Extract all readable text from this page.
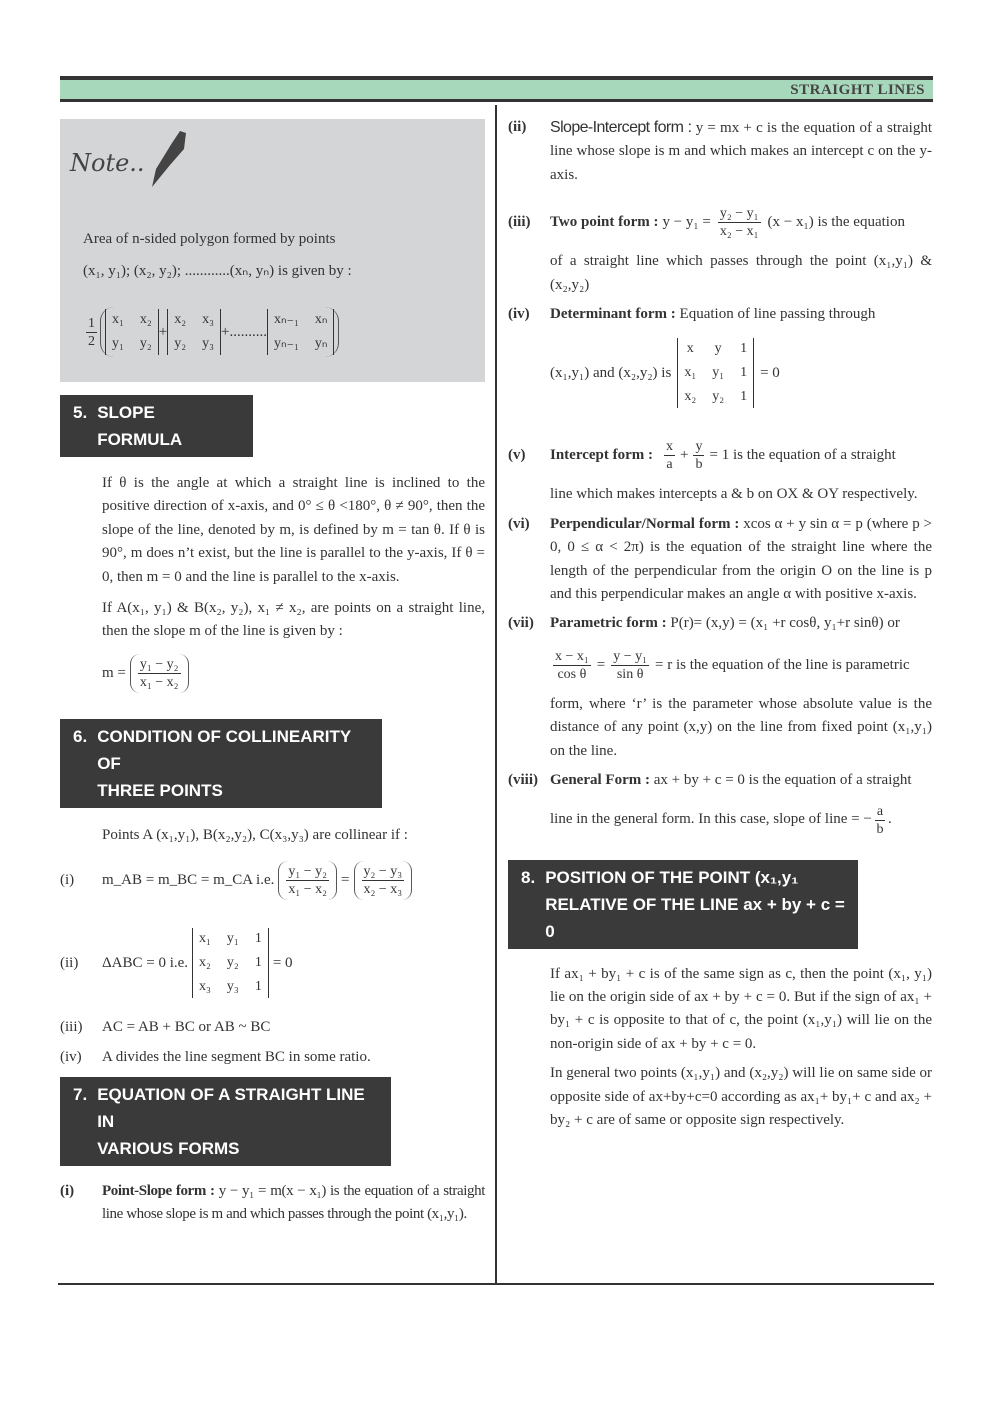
STRAIGHT LINES
Note..
Area of n-sided polygon formed by points
(x₁, y₁); (x₂, y₂); ............(xₙ, yₙ) is given by :
$\frac{1}{2} x_1$ x₂
y₁ y₂
+
x₂ x₃
y₂ y₃
+..........
xₙ₋₁ xₙ
yₙ₋₁ yₙ
5. SLOPE FORMULA

If θ is the angle at which a straight line is inclined to the positive direction of x-axis, and 0° ≤ θ <180°, θ ≠ 90°, then the slope of the line, denoted by m, is defined by m = tan θ. If θ is 90°, m does n’t exist, but the line is parallel to the y-axis, If θ = 0, then m = 0 and the line is parallel to the x-axis.

If A(x₁, y₁) & B(x₂, y₂), x₁ ≠ x₂, are points on a straight line, then the slope m of the line is given by :

$m = \frac{\text{y₁ − y₂}}{\text{x₁ − x₂}}$
6. CONDITION OF COLLINEARITY OF
THREE POINTS
Points A (x₁,y₁), B(x₂,y₂), C(x₃,y₃) are collinear if :
(i)	m_AB = m_BC = m_CA i.e. $\frac{\text{y₁ − y₂}}{\text{x₁ − x₂}} = \frac{\text{y₂ − y₃}}{\text{x₂ − x₃}}$
(ii)	ΔABC = 0 i.e.
x₁ y₁ 1
x₂ y₂ 1
x₃ y₃ 1
= 0
(iii)	AC = AB + BC or AB ~ BC
(iv)	A divides the line segment BC in some ratio.
7. EQUATION OF A STRAIGHT LINE IN
VARIOUS FORMS
(i)	Point-Slope form : y − y₁ = m(x − x₁) is the equation of a straight line whose slope is m and which passes through the point (x₁,y₁).

(ii)	Slope-Intercept form : y = mx + c is the equation of a straight line whose slope is m and which makes an intercept c on the y-axis.

(iii)	Two point form : $y - y_1 = \frac{\text{y₂ − y₁}}{\text{x₂ − x₁}} (x - x_1)$ is the equation

of a straight line which passes through the point (x₁,y₁) & (x₂,y₂)

(iv)	Determinant form : Equation of line passing through

(x₁,y₁) and (x₂,y₂) is
x y 1
x₁ y₁ 1
x₂ y₂ 1
= 0
(v)	Intercept form : $\frac{x}{a} + \frac{y}{b} = 1$ is the equation of a straight

line which makes intercepts a & b on OX & OY respectively.

(vi)	Perpendicular/Normal form : xcos α + y sin α = p (where p > 0, 0 ≤ α < 2π) is the equation of the straight line where the length of the perpendicular from the origin O on the line is p and this perpendicular makes an angle α with positive x-axis.

(vii)	Parametric form : P(r)= (x,y) = (x₁ +r cosθ, y₁+r sinθ) or

$\frac{\text{x − x₁}}{\text{cos θ}} = \frac{\text{y − y₁}}{\text{sin θ}} = r$ is the equation of the line is parametric

form, where ‘r’ is the parameter whose absolute value is the distance of any point (x,y) on the line from fixed point (x₁,y₁) on the line.

(viii) General Form : ax + by + c = 0 is the equation of a straight

line in the general form. In this case, slope of line = − $\frac{a}{b}$ .
8. POSITION OF THE POINT (x₁,y₁
RELATIVE OF THE LINE ax + by + c = 0

If ax₁ + by₁ + c is of the same sign as c, then the point (x₁, y₁) lie on the origin side of ax + by + c = 0. But if the sign of ax₁ + by₁ + c is opposite to that of c, the point (x₁,y₁) will lie on the non-origin side of ax + by + c = 0.

In general two points (x₁,y₁) and (x₂,y₂) will lie on same side or opposite side of ax+by+c=0 according as ax₁+ by₁+ c and ax₂ + by₂ + c are of same or opposite sign respectively.
